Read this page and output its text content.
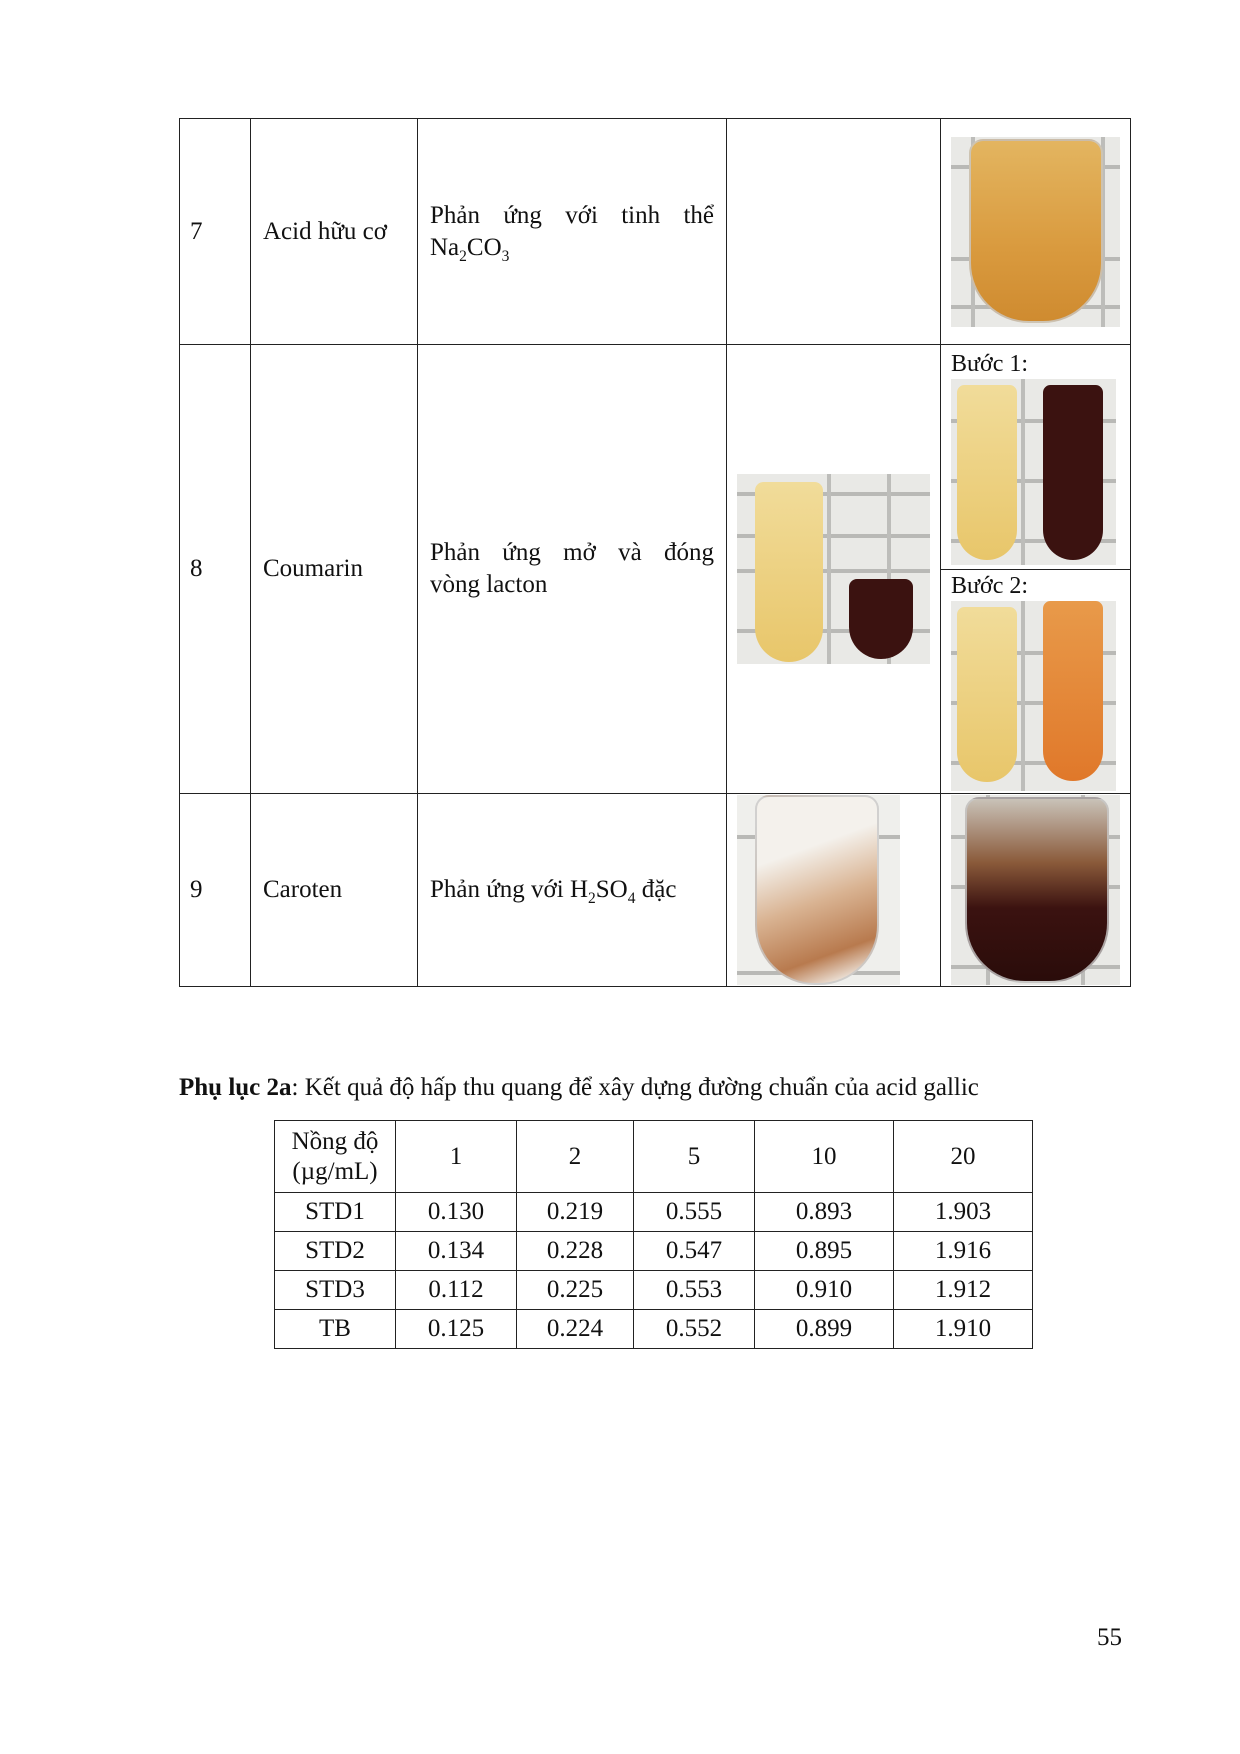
7	Acid hữu cơ	Phản ứng với tinh thể
$Na_2CO_3$

8	Coumarin	Phản ứng mở và đóng
vòng lacton		Bước 1:
Bước 2:

9	Caroten	Phản ứng với $H_2SO_4$ đặc	

Phụ lục 2a: Kết quả độ hấp thu quang để xây dựng đường chuẩn của acid gallic
Nồng độ
(µg/mL)	1	2	5	10	20
STD1	0.130	0.219	0.555	0.893	1.903
STD2	0.134	0.228	0.547	0.895	1.916
STD3	0.112	0.225	0.553	0.910	1.912
TB	0.125	0.224	0.552	0.899	1.910
55
